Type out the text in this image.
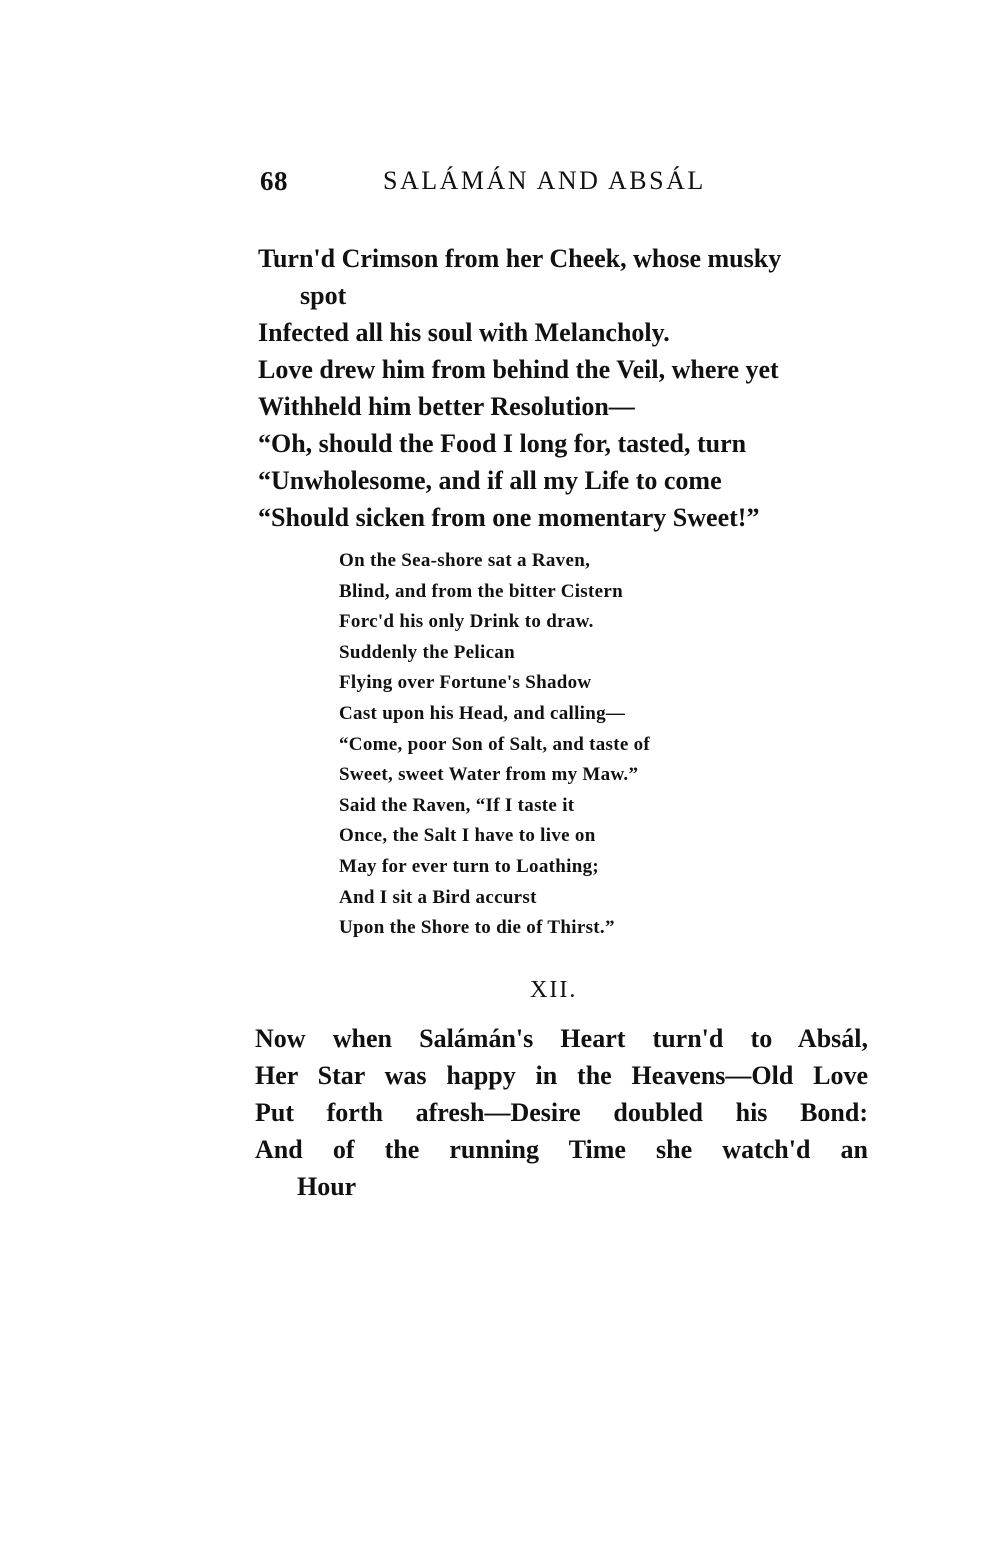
68	SALÁMÁN AND ABSÁL
Turn'd Crimson from her Cheek, whose musky
spot
Infected all his soul with Melancholy.
Love drew him from behind the Veil, where yet
Withheld him better Resolution—
“Oh, should the Food I long for, tasted, turn
“Unwholesome, and if all my Life to come
“Should sicken from one momentary Sweet!”
On the Sea-shore sat a Raven,
Blind, and from the bitter Cistern
Forc'd his only Drink to draw.
Suddenly the Pelican
Flying over Fortune's Shadow
Cast upon his Head, and calling—
“Come, poor Son of Salt, and taste of
Sweet, sweet Water from my Maw.”
Said the Raven, “If I taste it
Once, the Salt I have to live on
May for ever turn to Loathing;
And I sit a Bird accurst
Upon the Shore to die of Thirst.”
XII.
Now when Salámán's Heart turn'd to Absál,
Her Star was happy in the Heavens—Old Love
Put forth afresh—Desire doubled his Bond:
And of the running Time she watch'd an
Hour
